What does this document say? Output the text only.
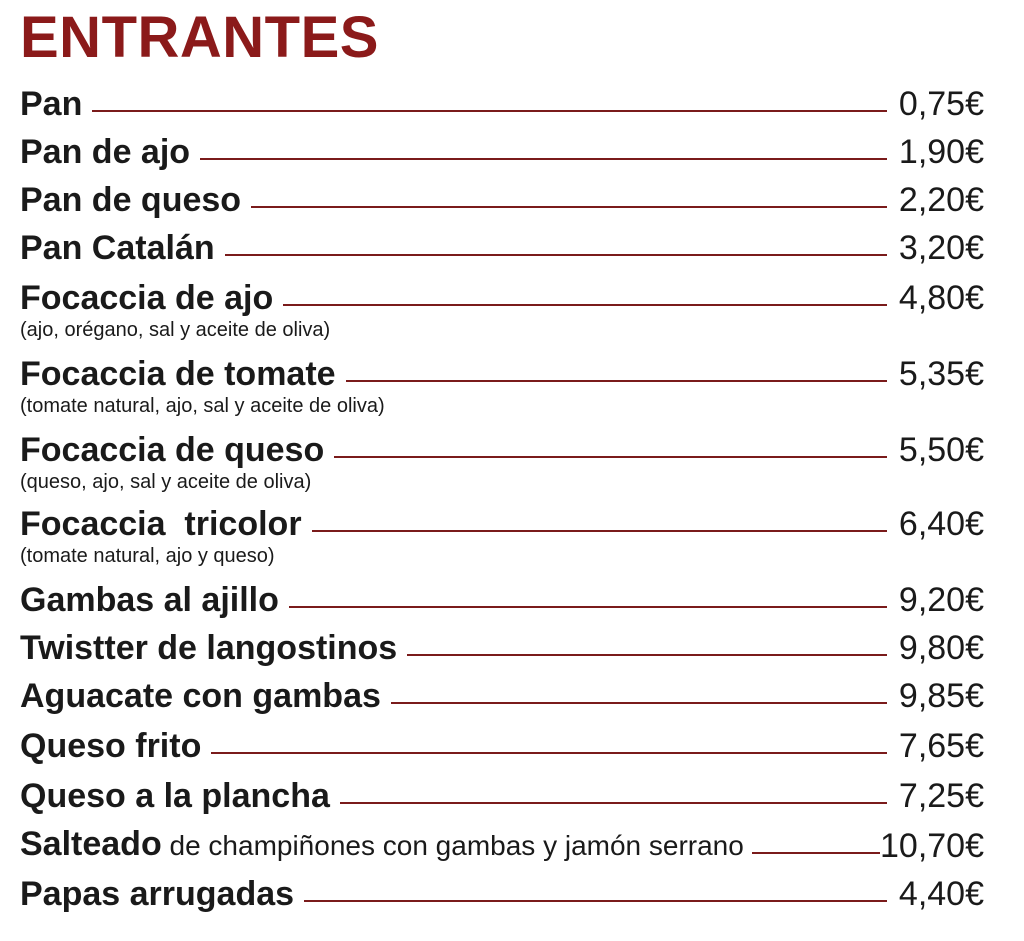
ENTRANTES
Pan	0,75€
Pan de ajo	1,90€
Pan de queso	2,20€
Pan Catalán	3,20€
Focaccia de ajo	4,80€
(ajo, orégano, sal y aceite de oliva)
Focaccia de tomate	5,35€
(tomate natural, ajo, sal y aceite de oliva)
Focaccia de queso	5,50€
(queso, ajo, sal y aceite de oliva)
Focaccia  tricolor	6,40€
(tomate natural, ajo y queso)
Gambas al ajillo	9,20€
Twistter de langostinos	9,80€
Aguacate con gambas	9,85€
Queso frito	7,65€
Queso a la plancha	7,25€
Salteado de champiñones con gambas y jamón serrano	10,70€
Papas arrugadas	4,40€
